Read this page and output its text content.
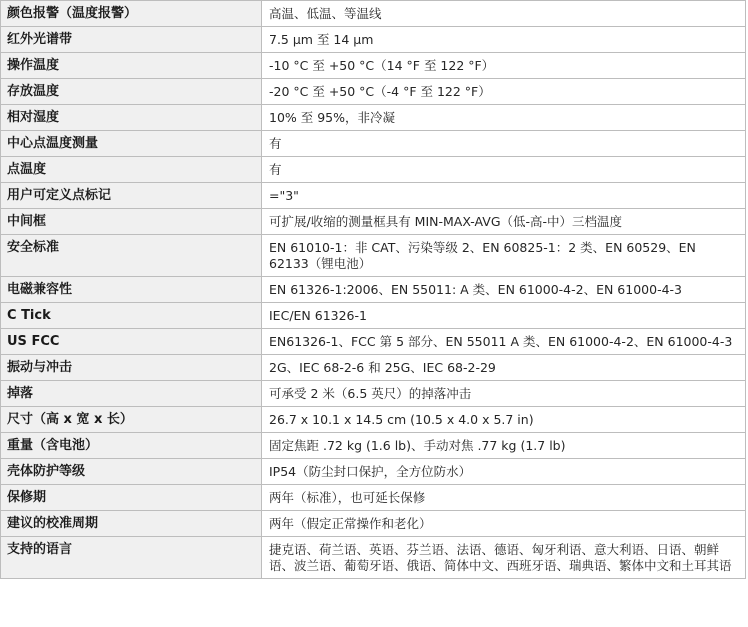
颜色报警（温度报警）	高温、低温、等温线
红外光谱带	7.5 µm 至 14 µm
操作温度	-10 °C 至 +50 °C（14 °F 至 122 °F）
存放温度	-20 °C 至 +50 °C（-4 °F 至 122 °F）
相对湿度	10% 至 95%，非冷凝
中心点温度测量	有
点温度	有
用户可定义点标记	="3"
中间框	可扩展/收缩的测量框具有 MIN-MAX-AVG（低-高-中）三档温度
安全标准	EN 61010-1：非 CAT、污染等级 2、EN 60825-1：2 类、EN 60529、EN 62133（锂电池）
电磁兼容性	EN 61326-1:2006、EN 55011: A 类、EN 61000-4-2、EN 61000-4-3
C Tick	IEC/EN 61326-1
US FCC	EN61326-1、FCC 第 5 部分、EN 55011 A 类、EN 61000-4-2、EN 61000-4-3
振动与冲击	2G、IEC 68-2-6 和 25G、IEC 68-2-29
掉落	可承受 2 米（6.5 英尺）的掉落冲击
尺寸（高 x 宽 x 长）	26.7 x 10.1 x 14.5 cm (10.5 x 4.0 x 5.7 in)
重量（含电池）	固定焦距 .72 kg (1.6 lb)、手动对焦 .77 kg (1.7 lb)
壳体防护等级	IP54（防尘封口保护，全方位防水）
保修期	两年（标准），也可延长保修
建议的校准周期	两年（假定正常操作和老化）
支持的语言	捷克语、荷兰语、英语、芬兰语、法语、德语、匈牙利语、意大利语、日语、朝鲜语、波兰语、葡萄牙语、俄语、简体中文、西班牙语、瑞典语、繁体中文和土耳其语
